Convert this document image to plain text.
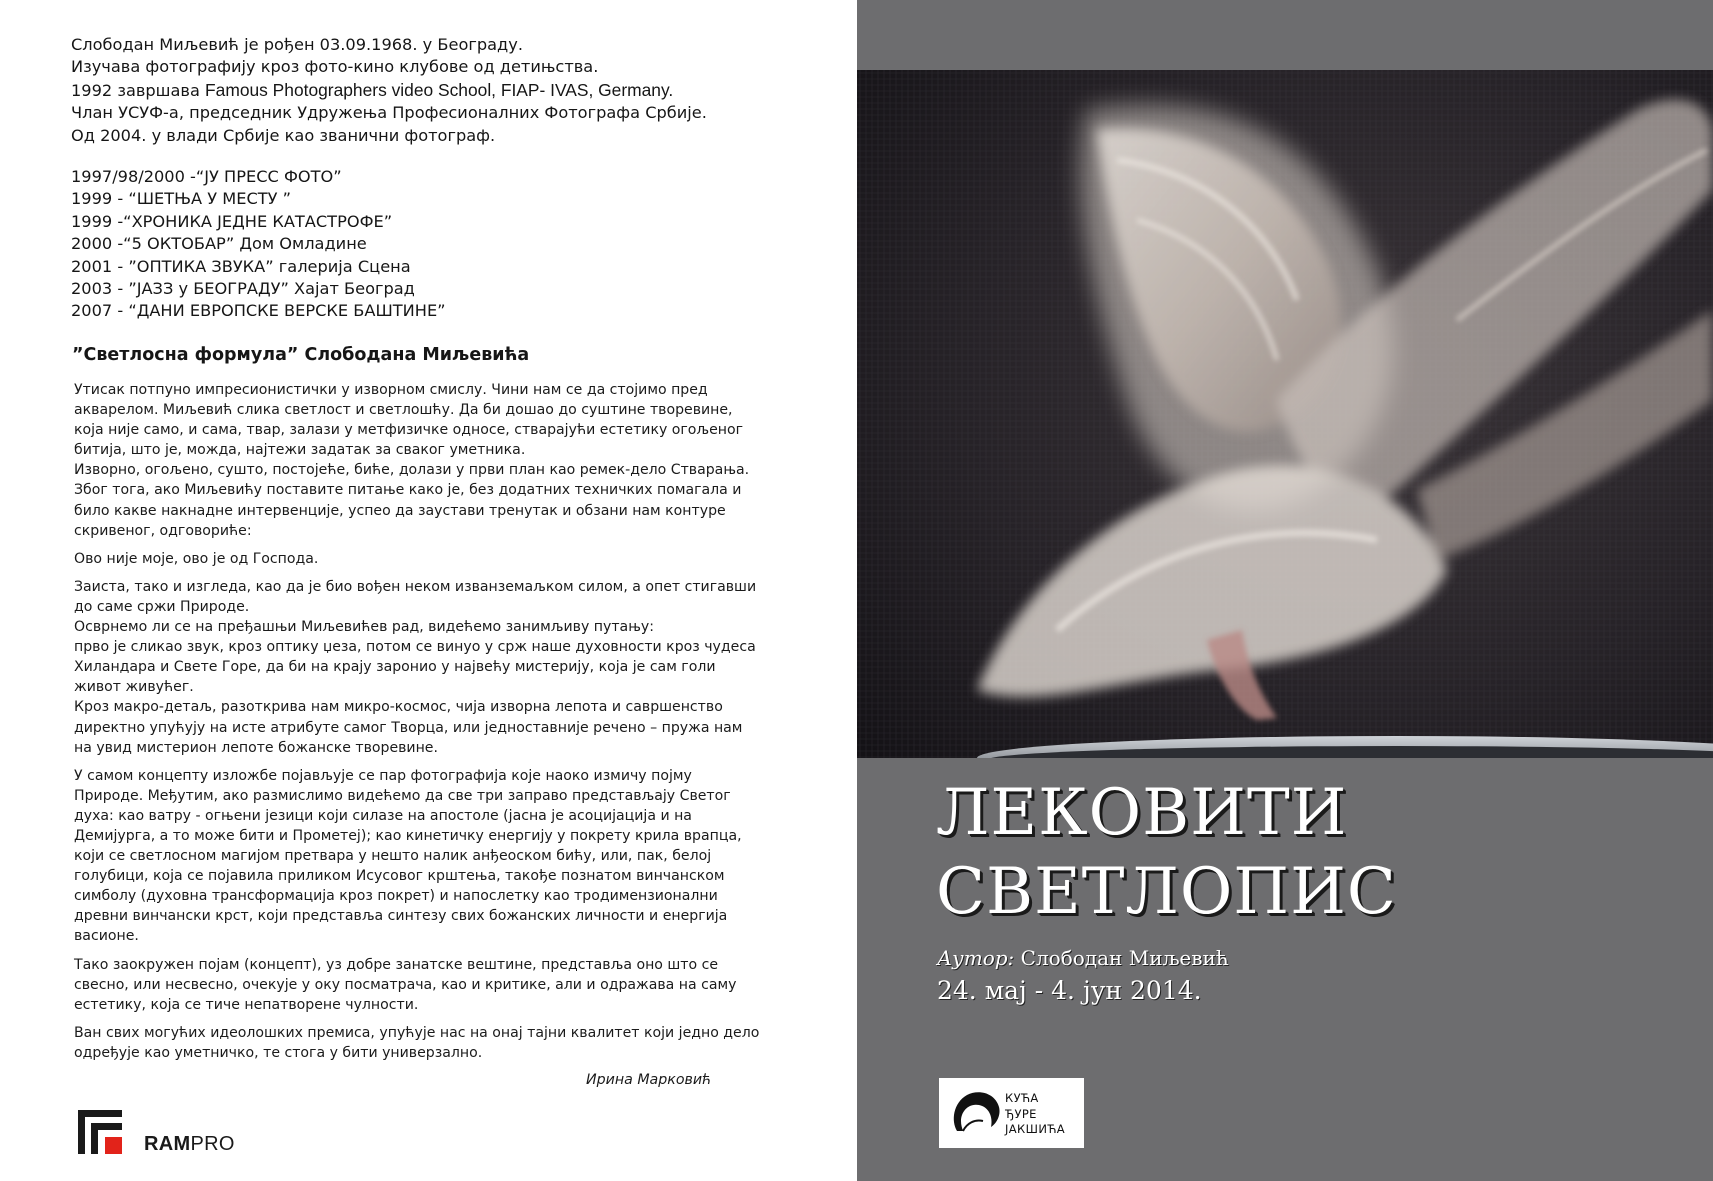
Слободан Миљевић је рођен 03.09.1968. у Београду.

Изучава фотографију кроз фото-кино клубове од детињства.

1992 завршава Famous Photographers video School, FIAP- IVAS, Germany.

Члан УСУФ-а, председник Удружења Професионалних Фотографа Србије.

Од 2004. у влади Србије као званични фотограф.

1997/98/2000 -“ЈУ ПРЕСС ФОТО”
1999 - “ШЕТЊА У МЕСТУ ”
1999 -“ХРОНИКА ЈЕДНЕ КАТАСТРОФЕ”
2000 -“5 ОКТОБАР” Дом Омладине
2001 - ”ОПТИКА ЗВУКА” галерија Сцена
2003 - ”ЈАЗЗ у БЕОГРАДУ” Хајат Београд
2007 - “ДАНИ ЕВРОПСКЕ ВЕРСКЕ БАШТИНЕ”
”Светлосна формула” Слободана Миљевића
Утисак потпуно импресионистички у изворном смислу. Чини нам се да стојимо пред
акварелом. Миљевић слика светлост и светлошћу. Да би дошао до суштине творевине,
која није само, и сама, твар, залази у метфизичке односе, стварајући естетику огољеног
битија, што је, можда, најтежи задатак за сваког уметника.
Изворно, огољено, сушто, постојеће, биће, долази у први план као ремек-дело Стварања.
Због тога, ако Миљевићу поставите питање како је, без додатних техничких помагала и
било какве накнадне интервенције, успео да заустави тренутак и обзани нам контуре
скривеног, одговориће:
Ово није моје, ово је од Господа.
Заиста, тако и изгледа, као да је био вођен неком изванземаљком силом, а опет стигавши
до саме сржи Природе.
Осврнемо ли се на пређашњи Миљевићев рад, видећемо занимљиву путању:
прво је сликао звук, кроз оптику џеза, потом се винуо у срж наше духовности кроз чудеса
Хиландара и Свете Горе, да би на крају заронио у највећу мистерију, која је сам голи
живот живућег.
Кроз макро-детаљ, разоткрива нам микро-космос, чија изворна лепота и савршенство
директно упућују на исте атрибуте самог Творца, или једноставније речено – пружа нам
на увид мистерион лепоте божанске творевине.
У самом концепту изложбе појављује се пар фотографија које наоко измичу појму
Природе. Међутим, ако размислимо видећемо да све три заправо представљају Светог
духа: као ватру - огњени језици који силазе на апостоле (јасна је асоцијација и на
Демијурга, а то може бити и Прометеј); као кинетичку енергију у покрету крила врапца,
који се светлосном магијом претвара у нешто налик анђеоском бићу, или, пак, белој
голубици, која се појавила приликом Исусовог крштења, такође познатом винчанском
симболу (духовна трансформација кроз покрет) и напослетку као тродимензионални
древни винчански крст, који представља синтезу свих божанских личности и енергија
васионе.
Тако заокружен појам (концепт), уз добре занатске вештине, представља оно што се
свесно, или несвесно, очекује у оку посматрача, као и критике, али и одражава на саму
естетику, која се тиче непатворене чулности.
Ван свих могућих идеолошких премиса, упућује нас на онај тајни квалитет који једно дело
одређује као уметничко, те стога у бити универзално.
Ирина Марковић
RAMPRO
ЛЕКОВИТИ
СВЕТЛОПИС
Аутор: Слободан Миљевић
24. мај - 4. јун 2014.
КУЋА
ЂУРЕ
ЈАКШИЋА
